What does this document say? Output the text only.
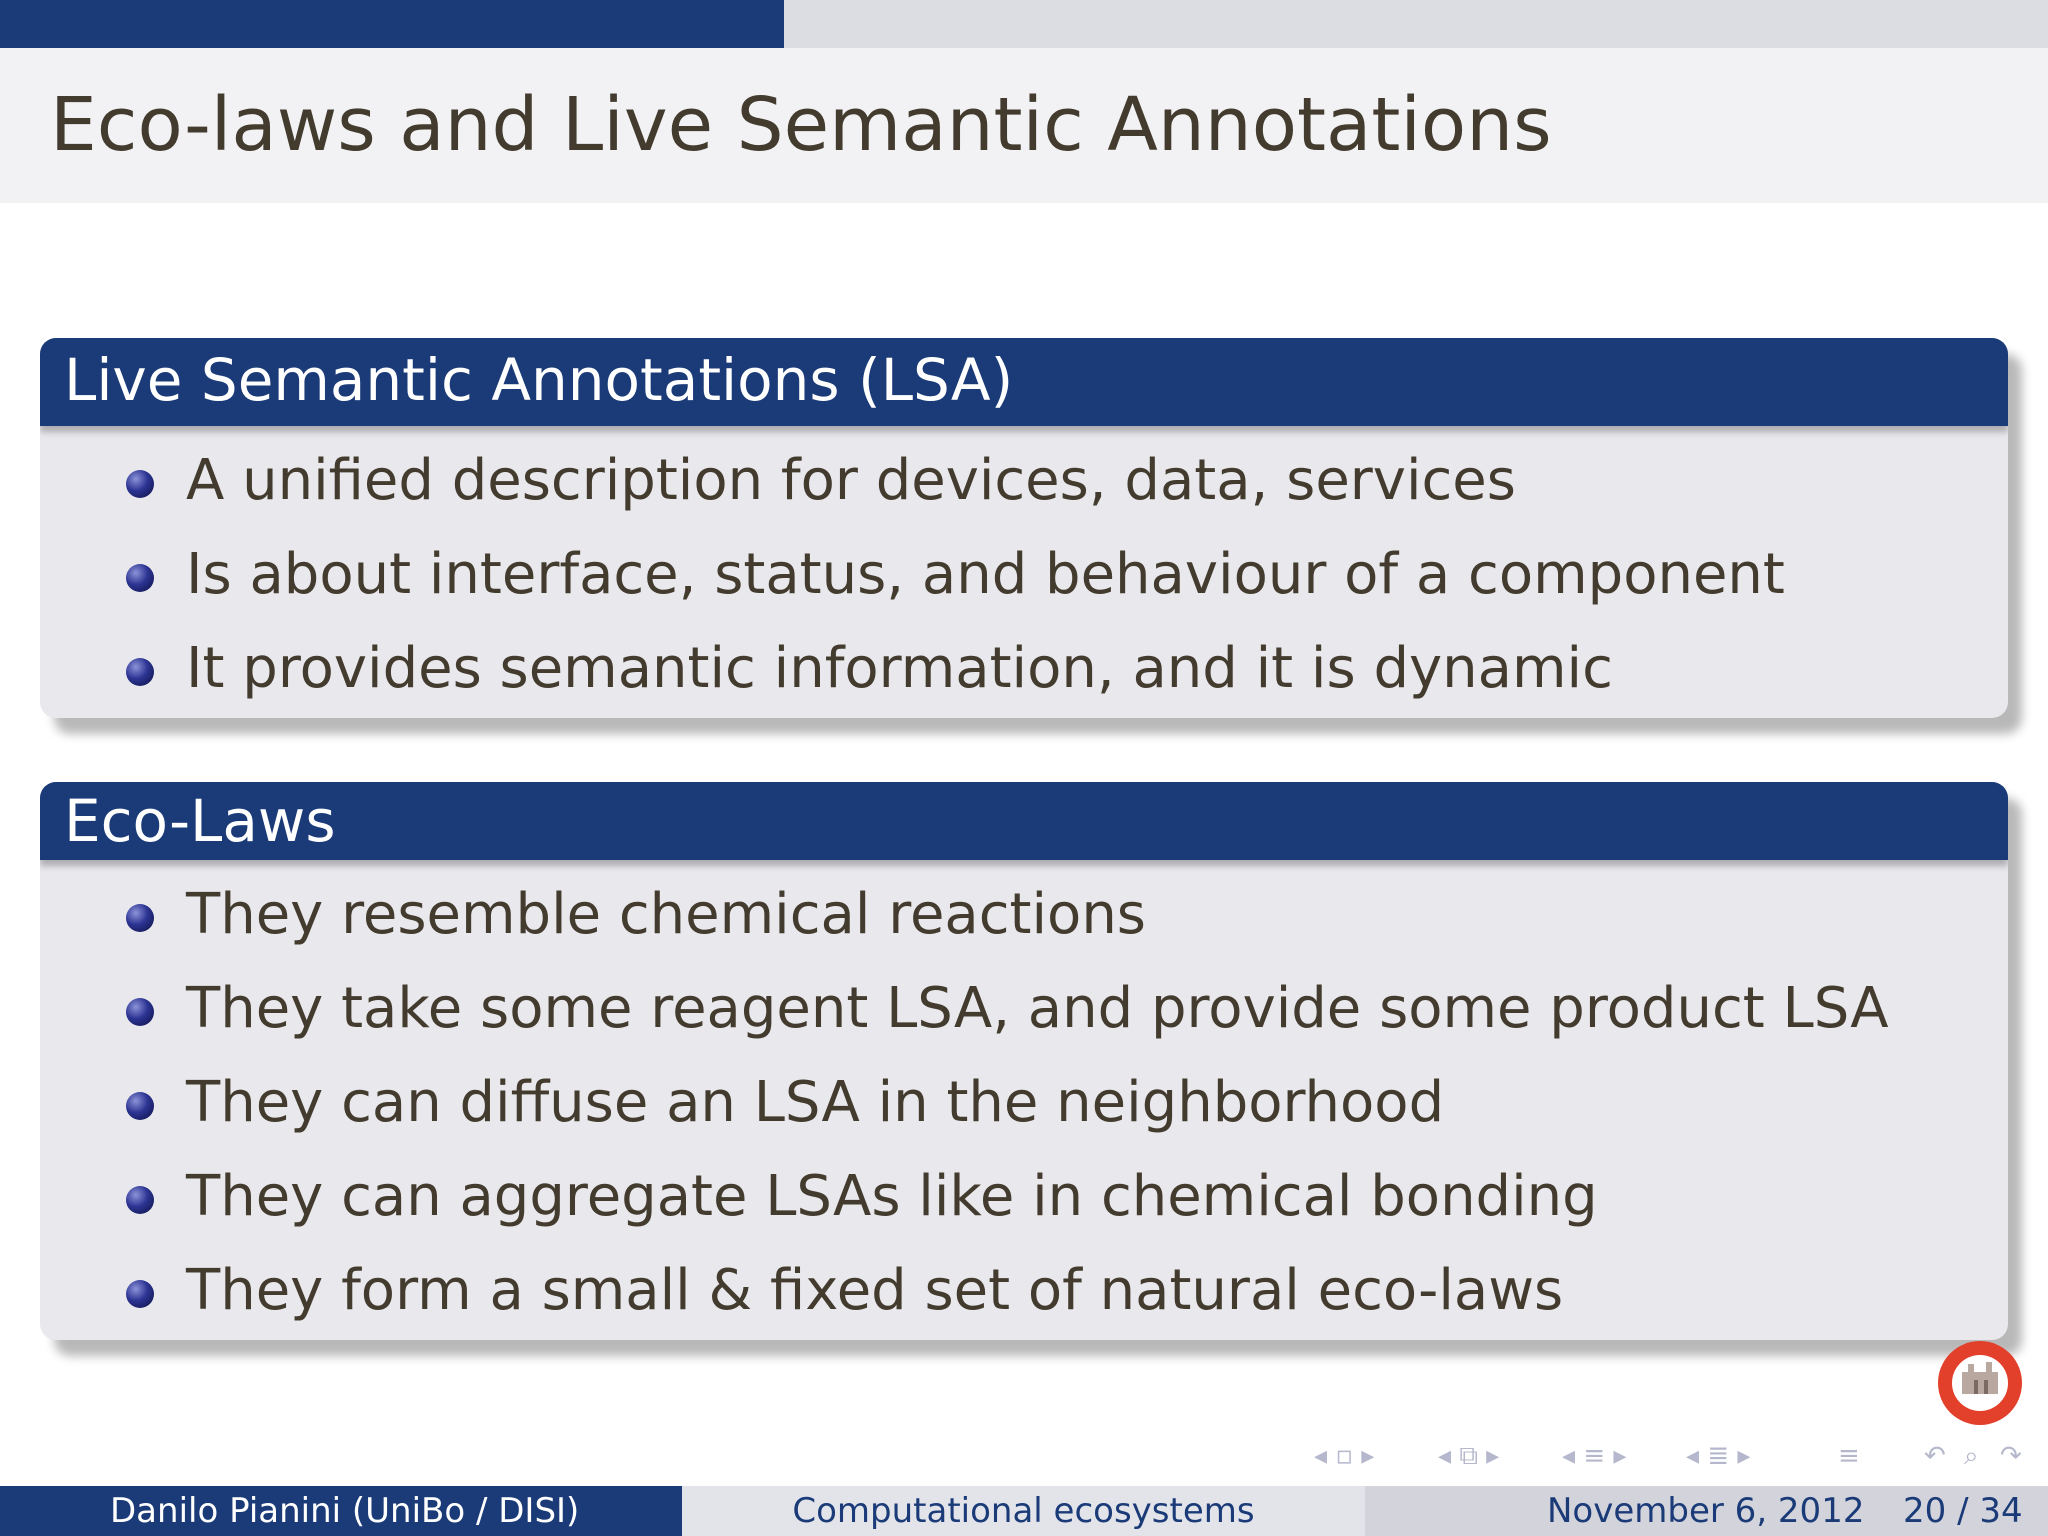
Eco-laws and Live Semantic Annotations
Live Semantic Annotations (LSA)
A unified description for devices, data, services
Is about interface, status, and behaviour of a component
It provides semantic information, and it is dynamic
Eco-Laws
They resemble chemical reactions
They take some reagent LSA, and provide some product LSA
They can diffuse an LSA in the neighborhood
They can aggregate LSAs like in chemical bonding
They form a small & fixed set of natural eco-laws
◂ ▫ ▸ ◂ ⧉ ▸ ◂ ≡ ▸ ◂ ≣ ▸	≡ ↶ ⌕ ↷
Danilo Pianini (UniBo / DISI)	Computational ecosystems	November 6, 2012 20 / 34
